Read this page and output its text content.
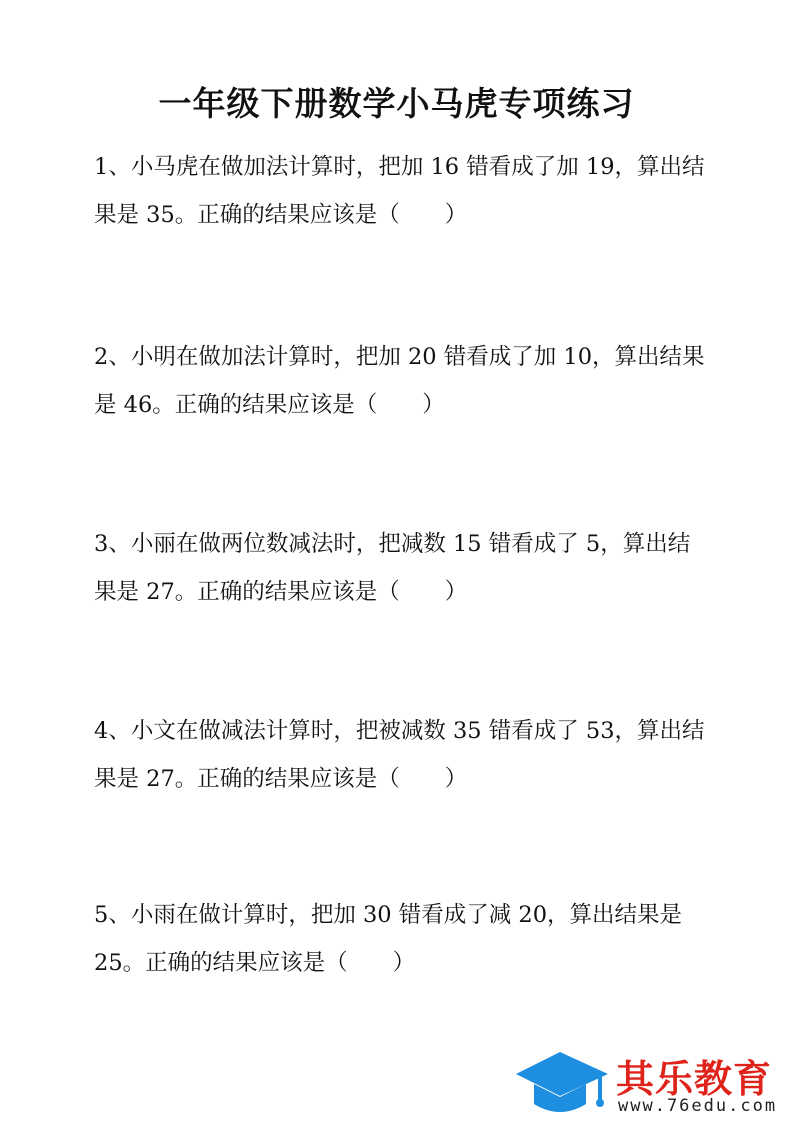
一年级下册数学小马虎专项练习
1、小马虎在做加法计算时，把加 16 错看成了加 19，算出结
果是 35。正确的结果应该是（　　）
2、小明在做加法计算时，把加 20 错看成了加 10，算出结果
是 46。正确的结果应该是（　　）
3、小丽在做两位数减法时，把减数 15 错看成了 5，算出结
果是 27。正确的结果应该是（　　）
4、小文在做减法计算时，把被减数 35 错看成了 53，算出结
果是 27。正确的结果应该是（　　）
5、小雨在做计算时，把加 30 错看成了减 20，算出结果是
25。正确的结果应该是（　　）
其乐教育
www.76edu.com
